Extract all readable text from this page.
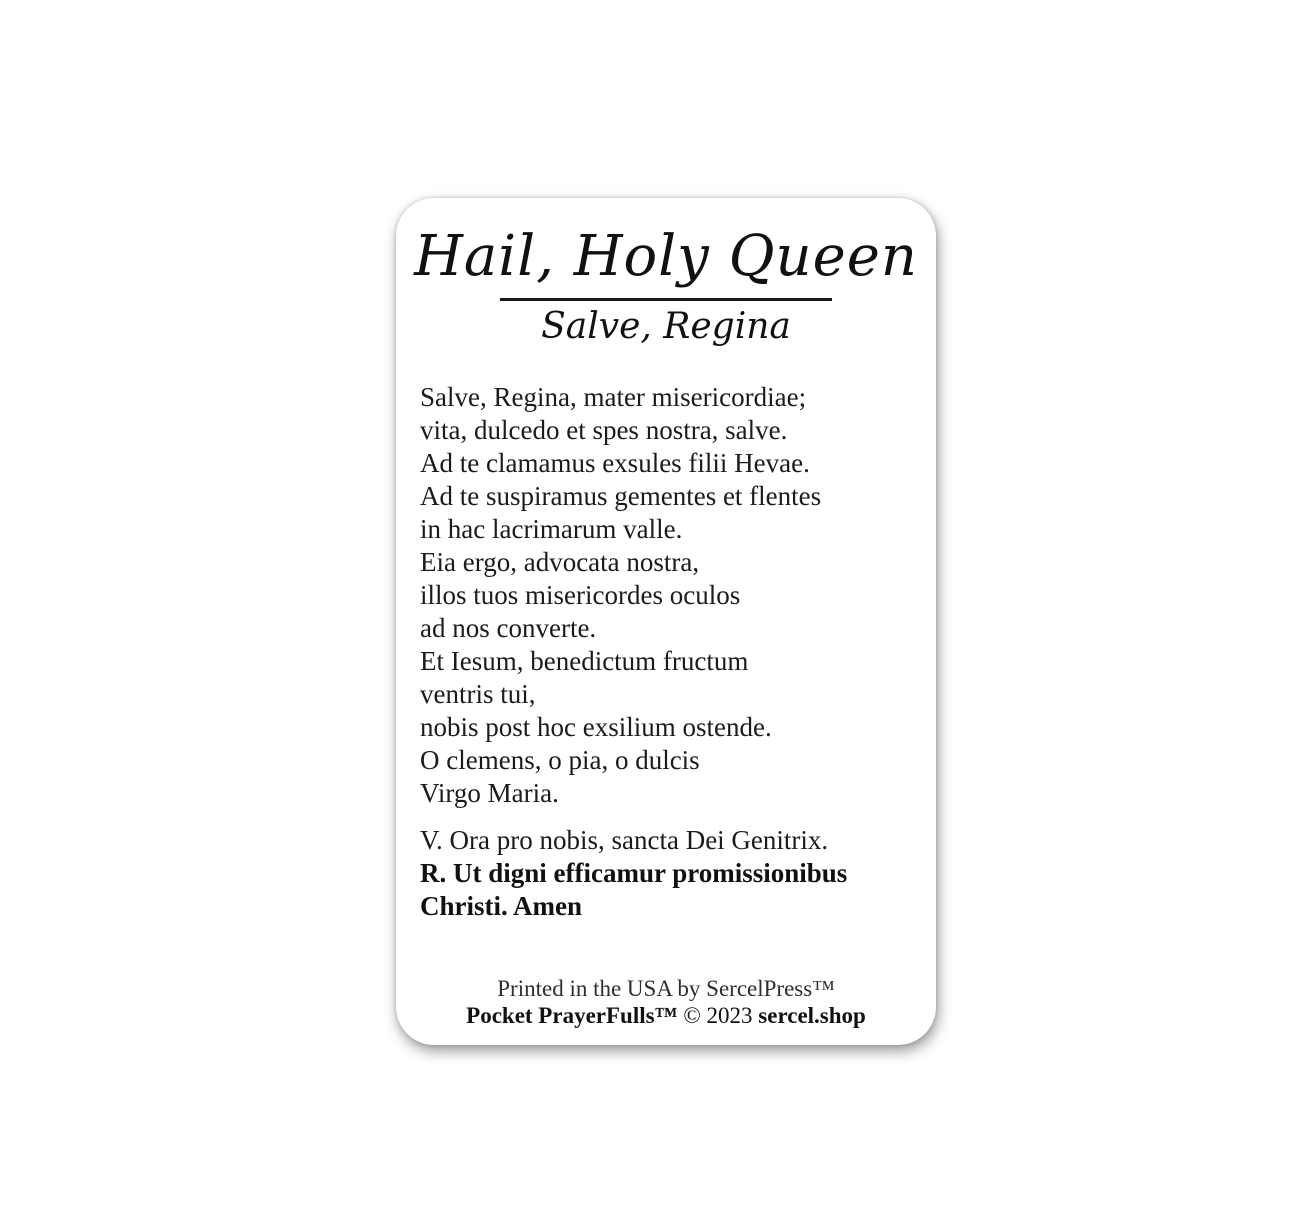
Hail, Holy Queen
Salve, Regina
Salve, Regina, mater misericordiae;
vita, dulcedo et spes nostra, salve.
Ad te clamamus exsules filii Hevae.
Ad te suspiramus gementes et flentes
in hac lacrimarum valle.
Eia ergo, advocata nostra,
illos tuos misericordes oculos
ad nos converte.
Et Iesum, benedictum fructum
ventris tui,
nobis post hoc exsilium ostende.
O clemens, o pia, o dulcis
Virgo Maria.
V. Ora pro nobis, sancta Dei Genitrix.
R. Ut digni efficamur promissionibus
Christi. Amen
Printed in the USA by SercelPress™
Pocket PrayerFulls™ © 2023 sercel.shop
